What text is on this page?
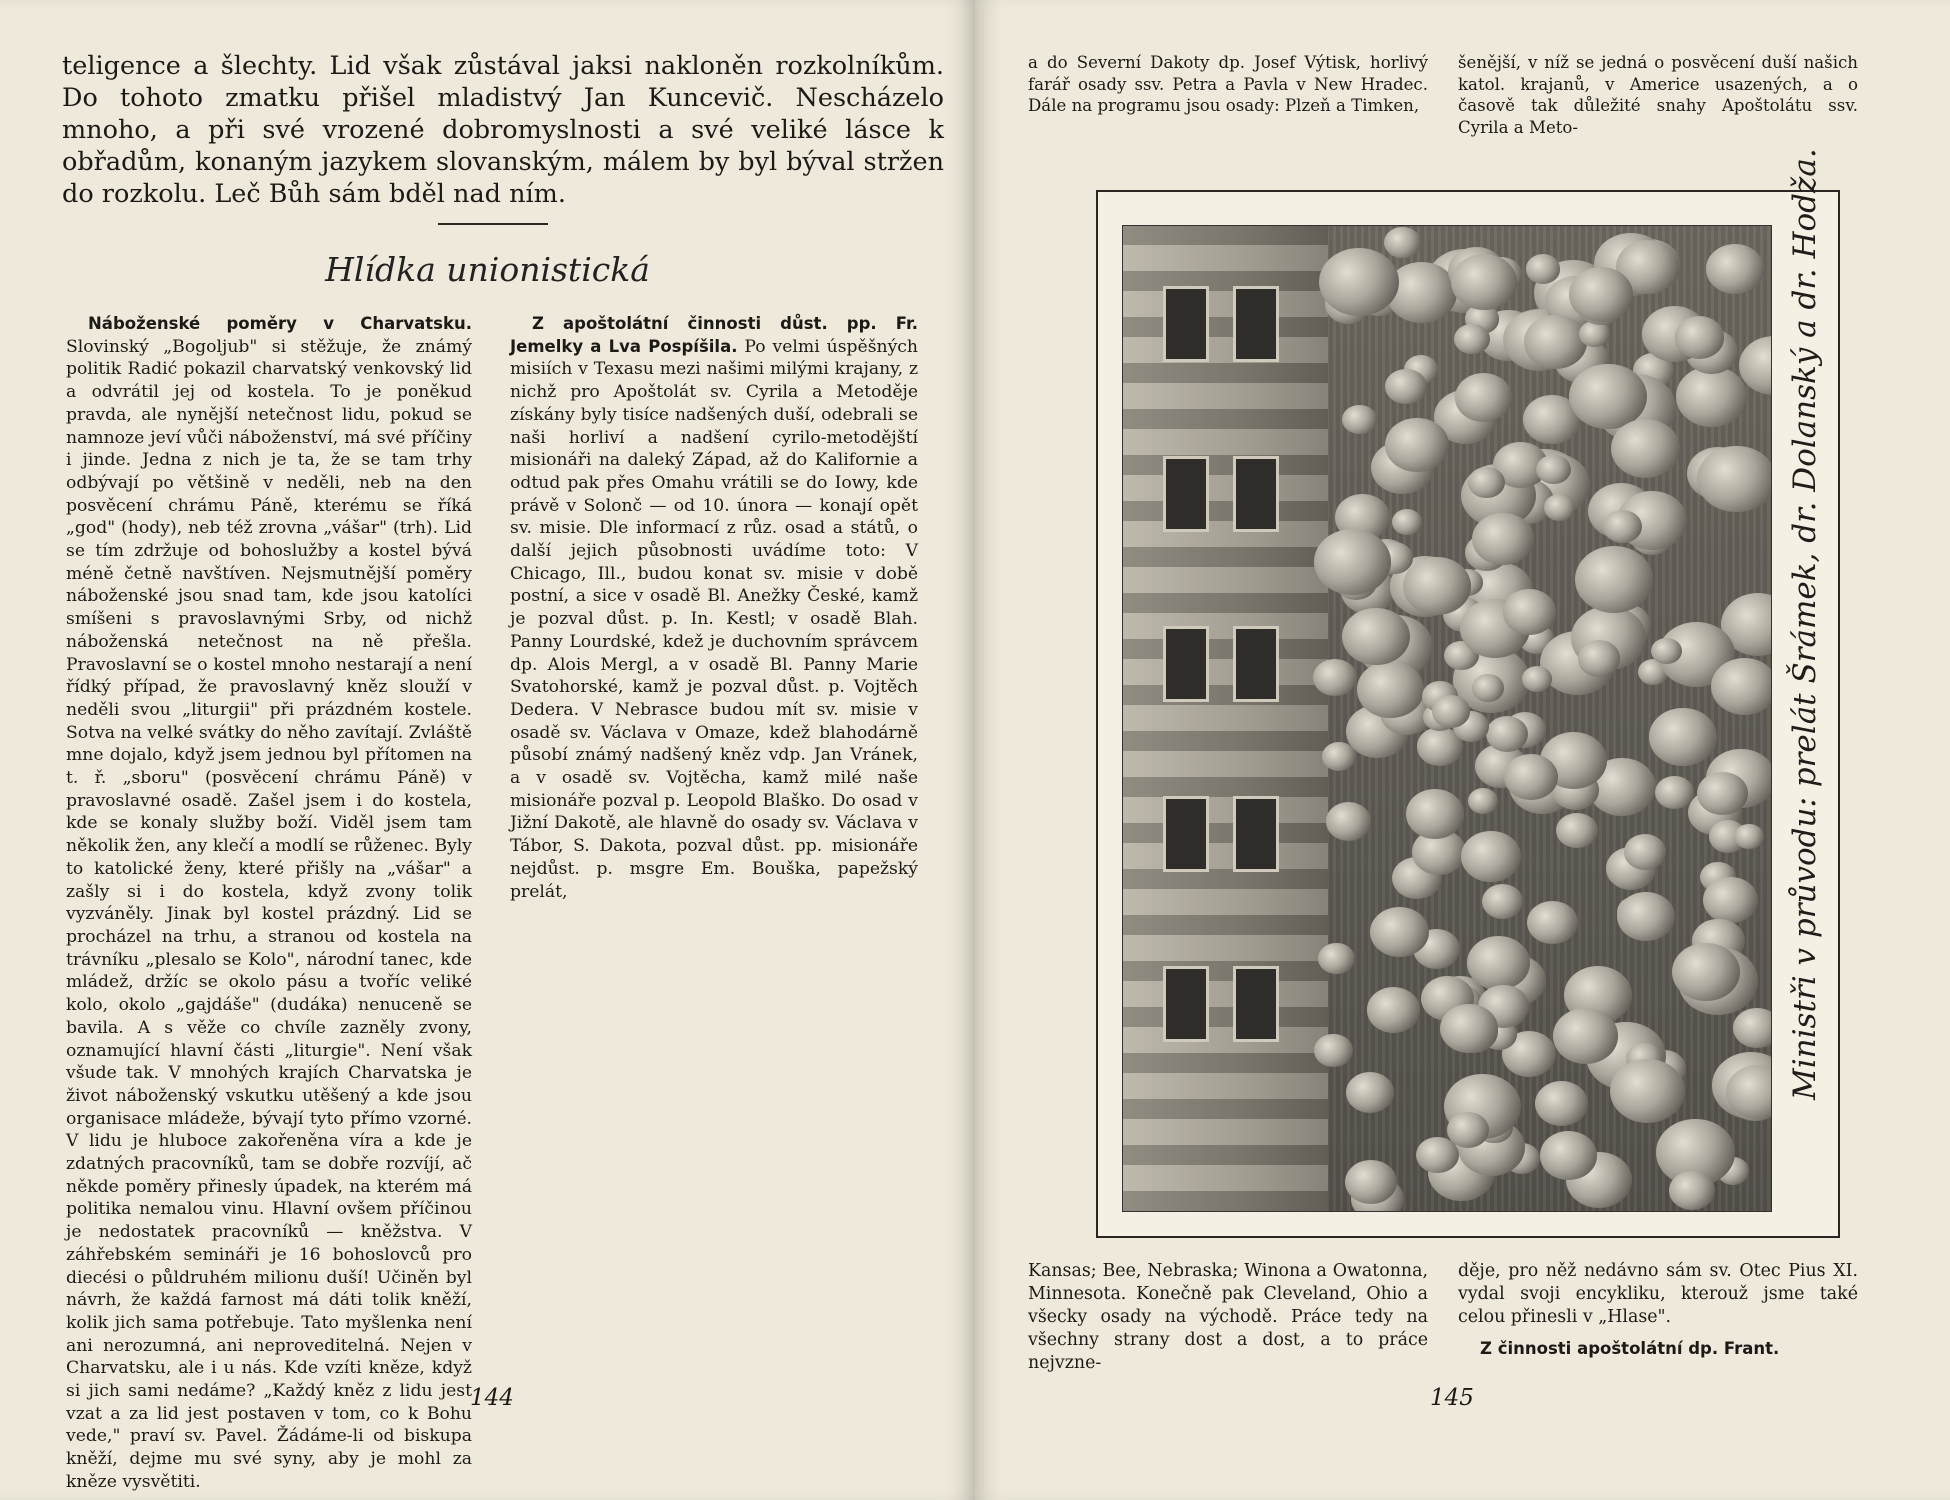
teligence a šlechty. Lid však zůstával jaksi nakloněn rozkolníkům. Do tohoto zmatku přišel mladistvý Jan Kuncevič. Nescházelo mnoho, a při své vrozené dobromyslnosti a své veliké lásce k obřadům, konaným jazykem slovanským, málem by byl býval stržen do rozkolu. Leč Bůh sám bděl nad ním.
Hlídka unionistická

Náboženské poměry v Charvatsku. Slovinský „Bogoljub" si stěžuje, že známý politik Radić pokazil charvatský venkovský lid a odvrátil jej od kostela. To je poněkud pravda, ale nynější netečnost lidu, pokud se namnoze jeví vůči náboženství, má své příčiny i jinde. Jedna z nich je ta, že se tam trhy odbývají po většině v neděli, neb na den posvěcení chrámu Páně, kterému se říká „god" (hody), neb též zrovna „vášar" (trh). Lid se tím zdržuje od bohoslužby a kostel bývá méně četně navštíven. Nejsmutnější poměry náboženské jsou snad tam, kde jsou katolíci smíšeni s pravoslavnými Srby, od nichž náboženská netečnost na ně přešla. Pravoslavní se o kostel mnoho nestarají a není řídký případ, že pravoslavný kněz slouží v neděli svou „liturgii" při prázdném kostele. Sotva na velké svátky do něho zavítají. Zvláště mne dojalo, když jsem jednou byl přítomen na t. ř. „sboru" (posvěcení chrámu Páně) v pravoslavné osadě. Zašel jsem i do kostela, kde se konaly služby boží. Viděl jsem tam několik žen, any klečí a modlí se růženec. Byly to katolické ženy, které přišly na „vášar" a zašly si i do kostela, když zvony tolik vyzváněly. Jinak byl kostel prázdný. Lid se procházel na trhu, a stranou od kostela na trávníku „plesalo se Kolo", národní tanec, kde mládež, držíc se okolo pásu a tvoříc veliké kolo, okolo „gajdáše" (dudáka) nenuceně se bavila. A s věže co chvíle zazněly zvony, oznamující hlavní části „liturgie". Není však všude tak. V mnohých krajích Charvatska je život náboženský vskutku utěšený a kde jsou organisace mládeže, bývají tyto přímo vzorné. V lidu je hluboce zakořeněna víra a kde je zdatných pracovníků, tam se dobře rozvíjí, ač někde poměry přinesly úpadek, na kterém má politika nemalou vinu. Hlavní ovšem příčinou je nedostatek pracovníků — kněžstva. V záhřebském semináři je 16 bohoslovců pro diecési o půldruhém milionu duší! Učiněn byl návrh, že každá farnost má dáti tolik kněží, kolik jich sama potřebuje. Tato myšlenka není ani nerozumná, ani neproveditelná. Nejen v Charvatsku, ale i u nás. Kde vzíti kněze, když si jich sami nedáme? „Každý kněz z lidu jest vzat a za lid jest postaven v tom, co k Bohu vede," praví sv. Pavel. Žádáme-li od biskupa kněží, dejme mu své syny, aby je mohl za kněze vysvětiti.

Z apoštolátní činnosti důst. pp. Fr. Jemelky a Lva Pospíšila. Po velmi úspěšných misiích v Texasu mezi našimi milými krajany, z nichž pro Apoštolát sv. Cyrila a Metoděje získány byly tisíce nadšených duší, odebrali se naši horliví a nadšení cyrilo-metodějští misionáři na daleký Západ, až do Kalifornie a odtud pak přes Omahu vrátili se do Iowy, kde právě v Solonč — od 10. února — konají opět sv. misie. Dle informací z růz. osad a států, o další jejich působnosti uvádíme toto: V Chicago, Ill., budou konat sv. misie v době postní, a sice v osadě Bl. Anežky České, kamž je pozval důst. p. In. Kestl; v osadě Blah. Panny Lourdské, kdež je duchovním správcem dp. Alois Mergl, a v osadě Bl. Panny Marie Svatohorské, kamž je pozval důst. p. Vojtěch Dedera. V Nebrasce budou mít sv. misie v osadě sv. Václava v Omaze, kdež blahodárně působí známý nadšený kněz vdp. Jan Vránek, a v osadě sv. Vojtěcha, kamž milé naše misionáře pozval p. Leopold Blaško. Do osad v Jižní Dakotě, ale hlavně do osady sv. Václava v Tábor, S. Dakota, pozval důst. pp. misionáře nejdůst. p. msgre Em. Bouška, papežský prelát,

144
a do Severní Dakoty dp. Josef Výtisk, horlivý farář osady ssv. Petra a Pavla v New Hradec. Dále na programu jsou osady: Plzeň a Timken,
šenější, v níž se jedná o posvěcení duší našich katol. krajanů, v Americe usazených, a o časově tak důležité snahy Apoštolátu ssv. Cyrila a Meto-
Ministři v průvodu: prelát Šrámek, dr. Dolanský a dr. Hodža.
Kansas; Bee, Nebraska; Winona a Owatonna, Minnesota. Konečně pak Cleveland, Ohio a všecky osady na východě. Práce tedy na všechny strany dost a dost, a to práce nejvzne-

děje, pro něž nedávno sám sv. Otec Pius XI. vydal svoji encykliku, kterouž jsme také celou přinesli v „Hlase".

Z činnosti apoštolátní dp. Frant.

145
